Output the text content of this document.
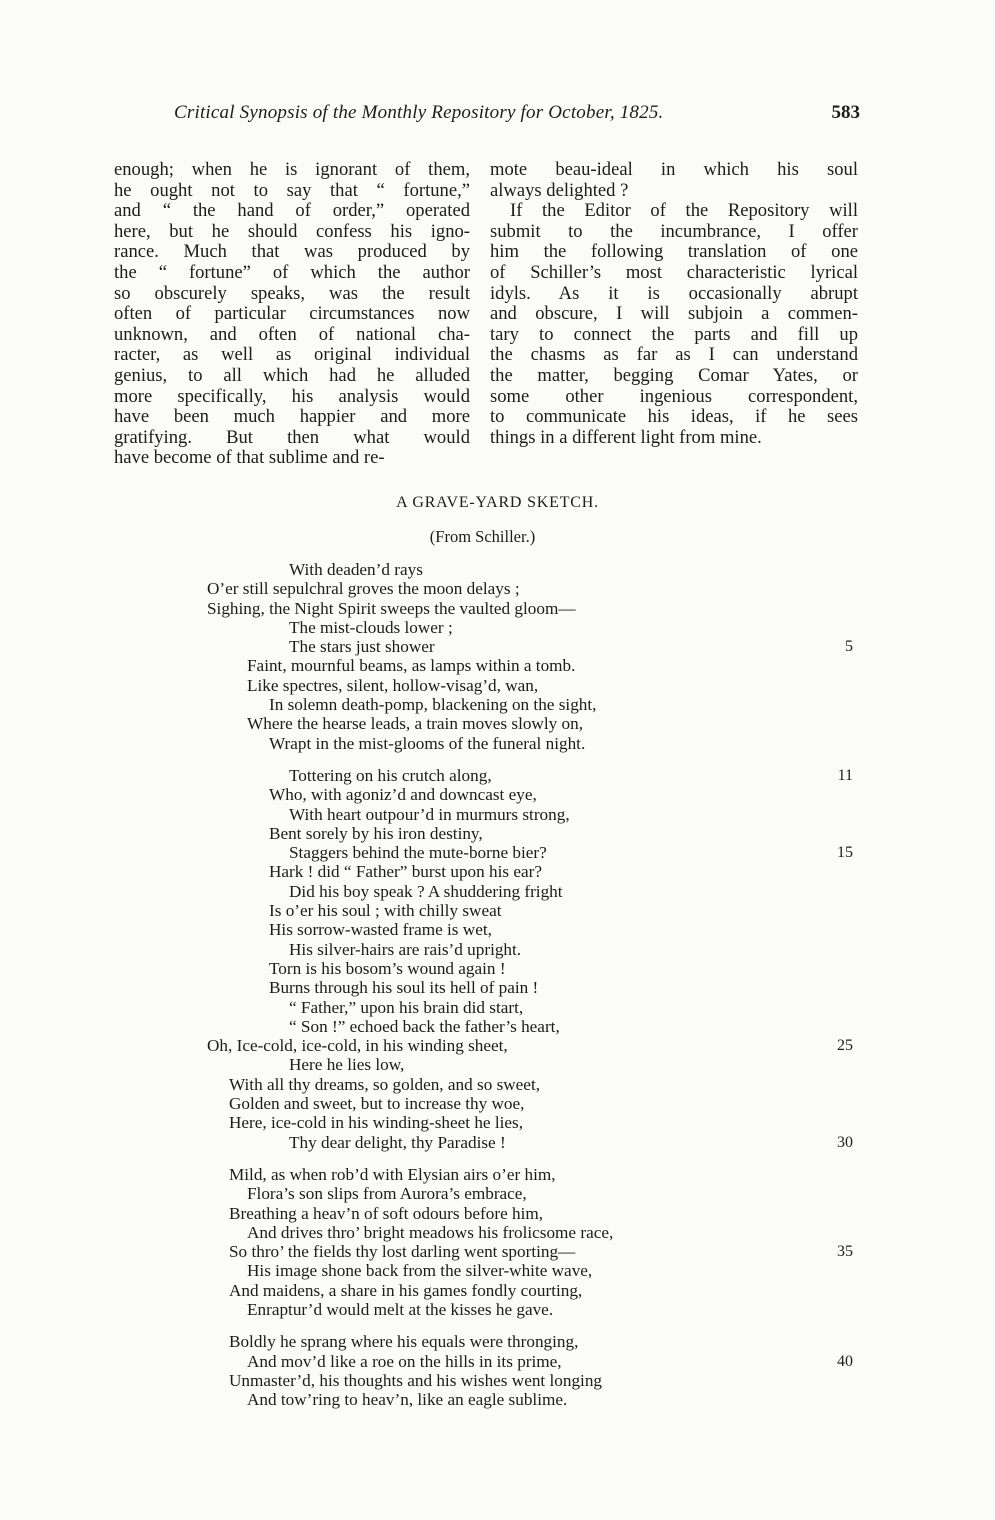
Critical Synopsis of the Monthly Repository for October, 1825.	583
enough; when he is ignorant of them,
he ought not to say that “ fortune,”
and “ the hand of order,” operated
here, but he should confess his igno-
rance. Much that was produced by
the “ fortune” of which the author
so obscurely speaks, was the result
often of particular circumstances now
unknown, and often of national cha-
racter, as well as original individual
genius, to all which had he alluded
more specifically, his analysis would
have been much happier and more
gratifying. But then what would
have become of that sublime and re-
mote beau-ideal in which his soul
always delighted ?
If the Editor of the Repository will
submit to the incumbrance, I offer
him the following translation of one
of Schiller’s most characteristic lyrical
idyls. As it is occasionally abrupt
and obscure, I will subjoin a commen-
tary to connect the parts and fill up
the chasms as far as I can understand
the matter, begging Comar Yates, or
some other ingenious correspondent,
to communicate his ideas, if he sees
things in a different light from mine.
A GRAVE-YARD SKETCH.
(From Schiller.)
With deaden’d rays
O’er still sepulchral groves the moon delays ;
Sighing, the Night Spirit sweeps the vaulted gloom—
The mist-clouds lower ;
The stars just shower	5
Faint, mournful beams, as lamps within a tomb.
Like spectres, silent, hollow-visag’d, wan,
In solemn death-pomp, blackening on the sight,
Where the hearse leads, a train moves slowly on,
Wrapt in the mist-glooms of the funeral night.
Tottering on his crutch along,	11
Who, with agoniz’d and downcast eye,
With heart outpour’d in murmurs strong,
Bent sorely by his iron destiny,
Staggers behind the mute-borne bier?	15
Hark ! did “ Father” burst upon his ear?
Did his boy speak ? A shuddering fright
Is o’er his soul ; with chilly sweat
His sorrow-wasted frame is wet,
His silver-hairs are rais’d upright.
Torn is his bosom’s wound again !
Burns through his soul its hell of pain !
“ Father,” upon his brain did start,
“ Son !” echoed back the father’s heart,
Oh, Ice-cold, ice-cold, in his winding sheet,	25
Here he lies low,
With all thy dreams, so golden, and so sweet,
Golden and sweet, but to increase thy woe,
Here, ice-cold in his winding-sheet he lies,
Thy dear delight, thy Paradise !	30
Mild, as when rob’d with Elysian airs o’er him,
Flora’s son slips from Aurora’s embrace,
Breathing a heav’n of soft odours before him,
And drives thro’ bright meadows his frolicsome race,
So thro’ the fields thy lost darling went sporting—	35
His image shone back from the silver-white wave,
And maidens, a share in his games fondly courting,
Enraptur’d would melt at the kisses he gave.
Boldly he sprang where his equals were thronging,
And mov’d like a roe on the hills in its prime,	40
Unmaster’d, his thoughts and his wishes went longing
And tow’ring to heav’n, like an eagle sublime.
